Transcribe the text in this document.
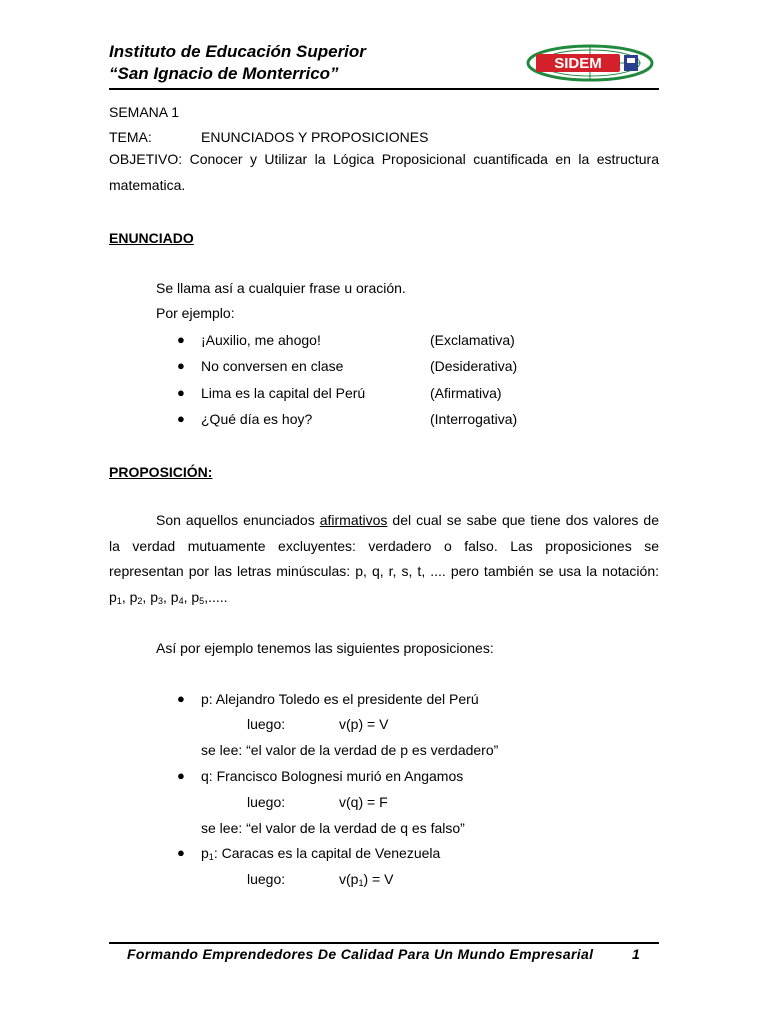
Instituto de Educación Superior
“San Ignacio de Monterrico”
SIDEM
SEMANA 1
TEMA:	ENUNCIADOS Y PROPOSICIONES
OBJETIVO: Conocer y Utilizar la Lógica Proposicional cuantificada en la estructura matematica.
ENUNCIADO
Se llama así a cualquier frase u oración.
Por ejemplo:
● ¡Auxilio, me ahogo!	(Exclamativa)
● No conversen en clase	(Desiderativa)
● Lima es la capital del Perú	(Afirmativa)
● ¿Qué día es hoy?	(Interrogativa)
PROPOSICIÓN:
Son aquellos enunciados afirmativos del cual se sabe que tiene dos valores de la verdad mutuamente excluyentes: verdadero o falso. Las proposiciones se representan por las letras minúsculas: p, q, r, s, t, .... pero también se usa la notación: $p_1$, $p_2$, $p_3$, $p_4$, $p_5$,.....
Así por ejemplo tenemos las siguientes proposiciones:
● p: Alejandro Toledo es el presidente del Perú
luego:	v(p) = V
se lee: “el valor de la verdad de p es verdadero”
● q: Francisco Bolognesi murió en Angamos
luego:	v(q) = F
se lee: “el valor de la verdad de q es falso”
● $p_1$: Caracas es la capital de Venezuela
luego:	$v(p_1) = V$
Formando Emprendedores De Calidad Para Un Mundo Empresarial	1
